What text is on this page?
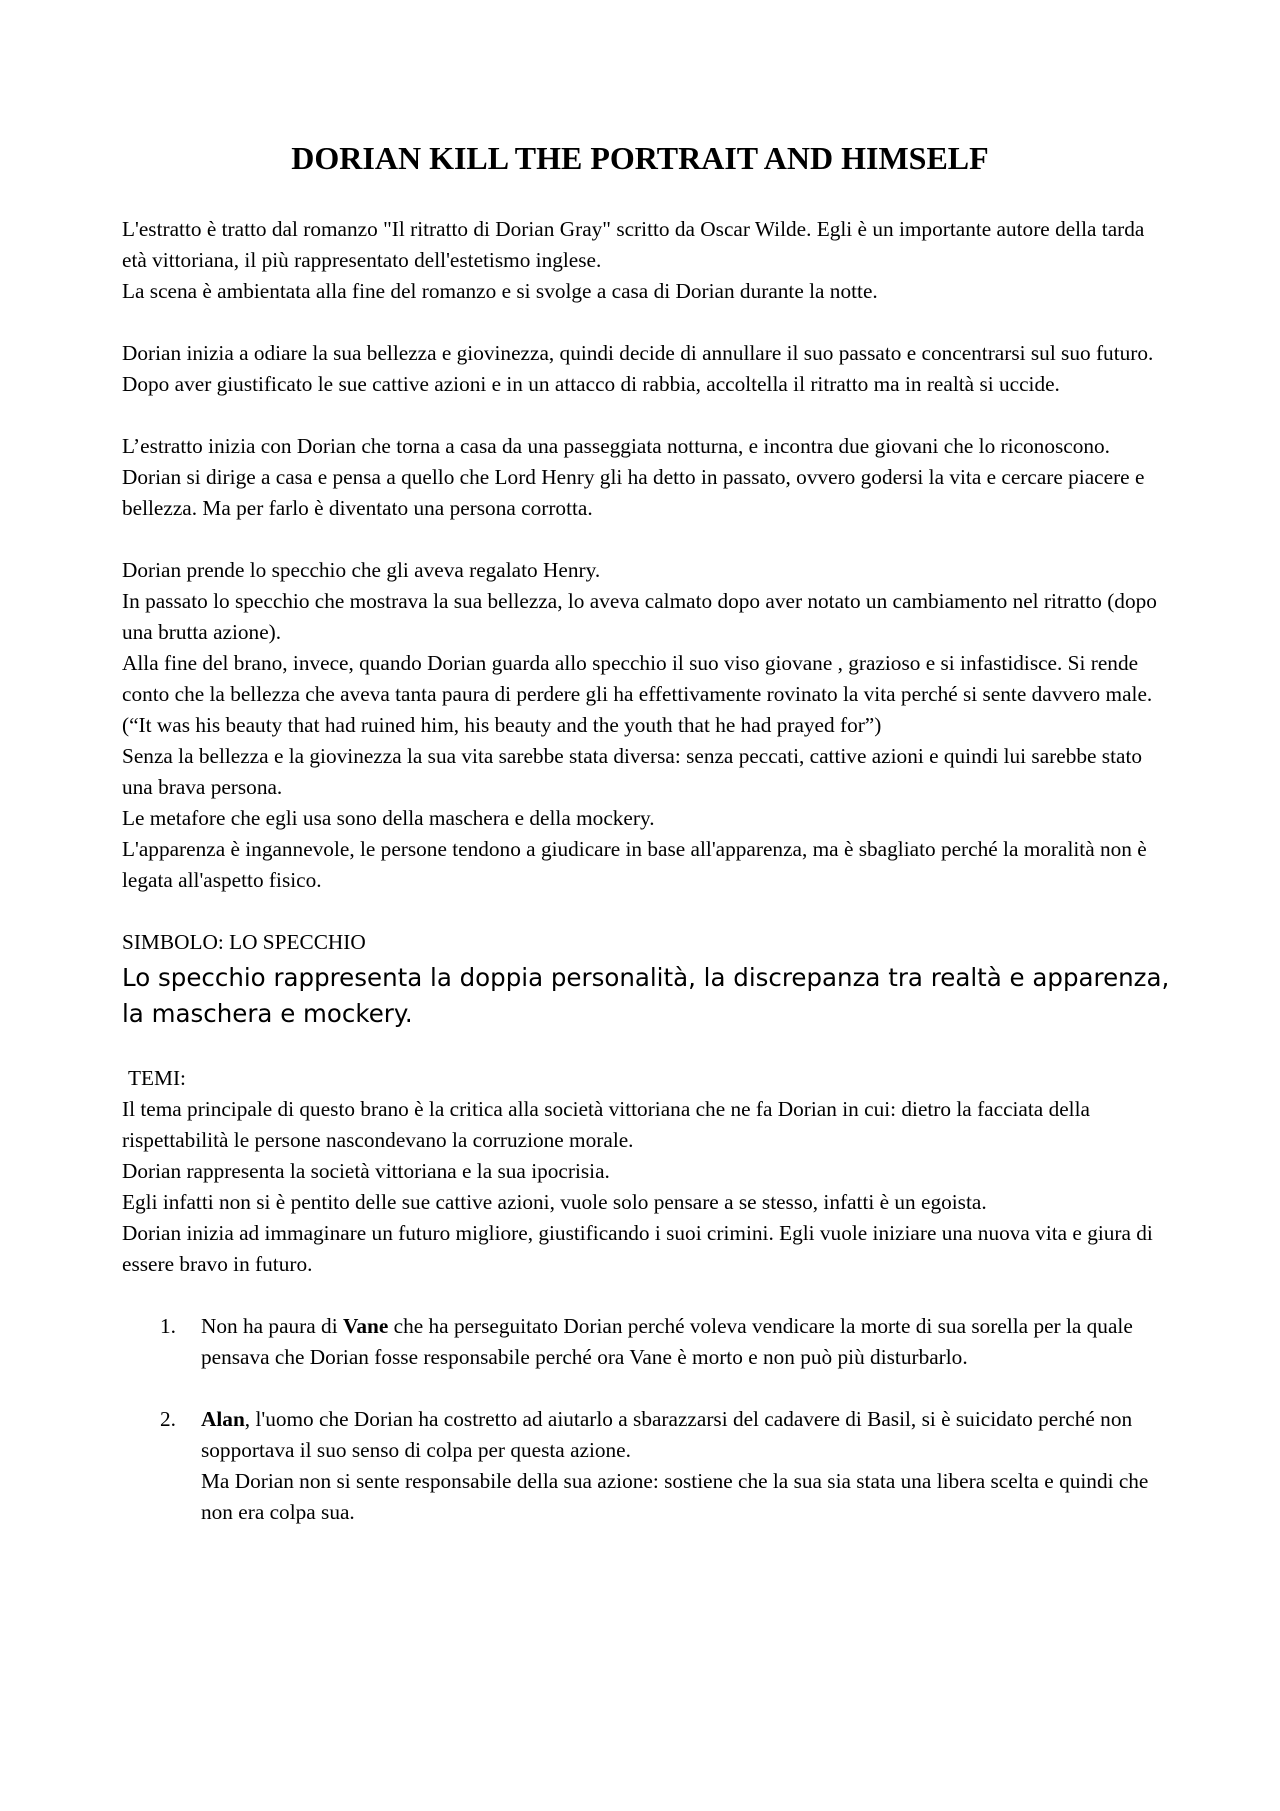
DORIAN KILL THE PORTRAIT AND HIMSELF

L'estratto è tratto dal romanzo "Il ritratto di Dorian Gray" scritto da Oscar Wilde. Egli è un importante autore della tarda età vittoriana, il più rappresentato dell'estetismo inglese.

La scena è ambientata alla fine del romanzo e si svolge a casa di Dorian durante la notte.

Dorian inizia a odiare la sua bellezza e giovinezza, quindi decide di annullare il suo passato e concentrarsi sul suo futuro. Dopo aver giustificato le sue cattive azioni e in un attacco di rabbia, accoltella il ritratto ma in realtà si uccide.

L’estratto inizia con Dorian che torna a casa da una passeggiata notturna, e incontra due giovani che lo riconoscono. Dorian si dirige a casa e pensa a quello che Lord Henry gli ha detto in passato, ovvero godersi la vita e cercare piacere e bellezza. Ma per farlo è diventato una persona corrotta.

Dorian prende lo specchio che gli aveva regalato Henry.

In passato lo specchio che mostrava la sua bellezza, lo aveva calmato dopo aver notato un cambiamento nel ritratto (dopo una brutta azione).

Alla fine del brano, invece, quando Dorian guarda allo specchio il suo viso giovane , grazioso e si infastidisce. Si rende conto che la bellezza che aveva tanta paura di perdere gli ha effettivamente rovinato la vita perché si sente davvero male. (“It was his beauty that had ruined him, his beauty and the youth that he had prayed for”)

Senza la bellezza e la giovinezza la sua vita sarebbe stata diversa: senza peccati, cattive azioni e quindi lui sarebbe stato una brava persona.

Le metafore che egli usa sono della maschera e della mockery.

L'apparenza è ingannevole, le persone tendono a giudicare in base all'apparenza, ma è sbagliato perché la moralità non è legata all'aspetto fisico.

SIMBOLO: LO SPECCHIO

Lo specchio rappresenta la doppia personalità, la discrepanza tra realtà e apparenza, la maschera e mockery.

TEMI:

Il tema principale di questo brano è la critica alla società vittoriana che ne fa Dorian in cui: dietro la facciata della rispettabilità le persone nascondevano la corruzione morale.

Dorian rappresenta la società vittoriana e la sua ipocrisia.

Egli infatti non si è pentito delle sue cattive azioni, vuole solo pensare a se stesso, infatti è un egoista.

Dorian inizia ad immaginare un futuro migliore, giustificando i suoi crimini. Egli vuole iniziare una nuova vita e giura di essere bravo in futuro.

1. Non ha paura di Vane che ha perseguitato Dorian perché voleva vendicare la morte di sua sorella per la quale pensava che Dorian fosse responsabile perché ora Vane è morto e non può più disturbarlo.
2. Alan, l'uomo che Dorian ha costretto ad aiutarlo a sbarazzarsi del cadavere di Basil, si è suicidato perché non sopportava il suo senso di colpa per questa azione.
Ma Dorian non si sente responsabile della sua azione: sostiene che la sua sia stata una libera scelta e quindi che non era colpa sua.
